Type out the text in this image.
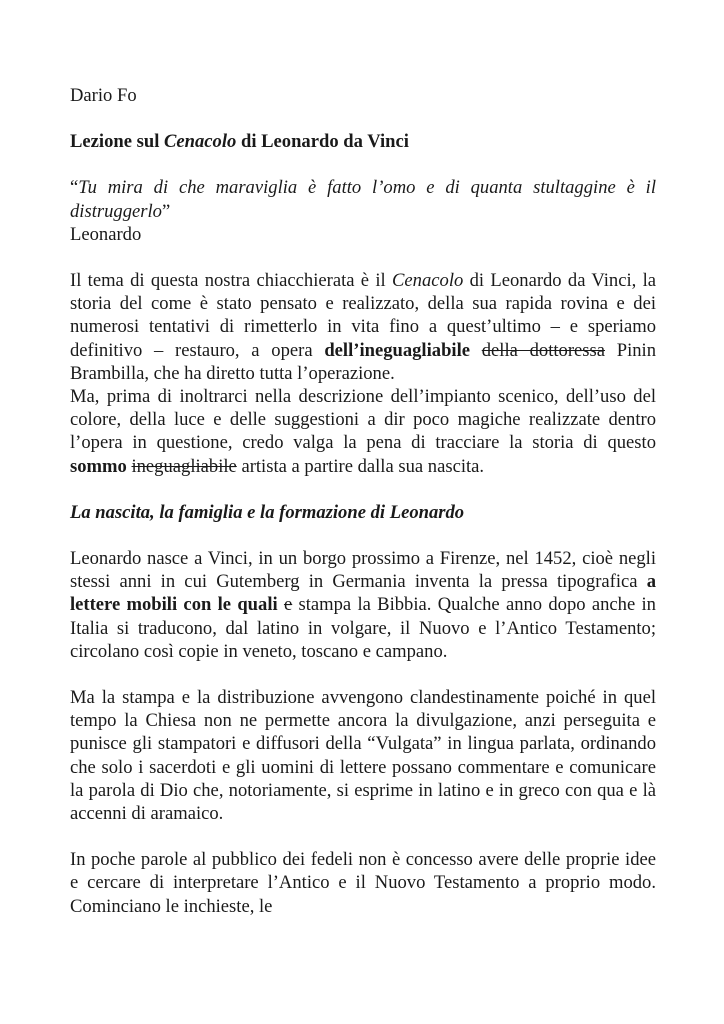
Dario Fo

Lezione sul Cenacolo di Leonardo da Vinci

“Tu mira di che maraviglia è fatto l’omo e di quanta stultaggine è il distruggerlo”

Leonardo

Il tema di questa nostra chiacchierata è il Cenacolo di Leonardo da Vinci, la storia del come è stato pensato e realizzato, della sua rapida rovina e dei numerosi tentativi di rimetterlo in vita fino a quest’ultimo – e speriamo definitivo – restauro, a opera dell’ineguagliabile della dottoressa Pinin Brambilla, che ha diretto tutta l’operazione.

Ma, prima di inoltrarci nella descrizione dell’impianto scenico, dell’uso del colore, della luce e delle suggestioni a dir poco magiche realizzate dentro l’opera in questione, credo valga la pena di tracciare la storia di questo sommo ineguagliabile artista a partire dalla sua nascita.

La nascita, la famiglia e la formazione di Leonardo

Leonardo nasce a Vinci, in un borgo prossimo a Firenze, nel 1452, cioè negli stessi anni in cui Gutemberg in Germania inventa la pressa tipografica a lettere mobili con le quali e stampa la Bibbia. Qualche anno dopo anche in Italia si traducono, dal latino in volgare, il Nuovo e l’Antico Testamento; circolano così copie in veneto, toscano e campano.

Ma la stampa e la distribuzione avvengono clandestinamente poiché in quel tempo la Chiesa non ne permette ancora la divulgazione, anzi perseguita e punisce gli stampatori e diffusori della “Vulgata” in lingua parlata, ordinando che solo i sacerdoti e gli uomini di lettere possano commentare e comunicare la parola di Dio che, notoriamente, si esprime in latino e in greco con qua e là accenni di aramaico.

In poche parole al pubblico dei fedeli non è concesso avere delle proprie idee e cercare di interpretare l’Antico e il Nuovo Testamento a proprio modo. Cominciano le inchieste, le
